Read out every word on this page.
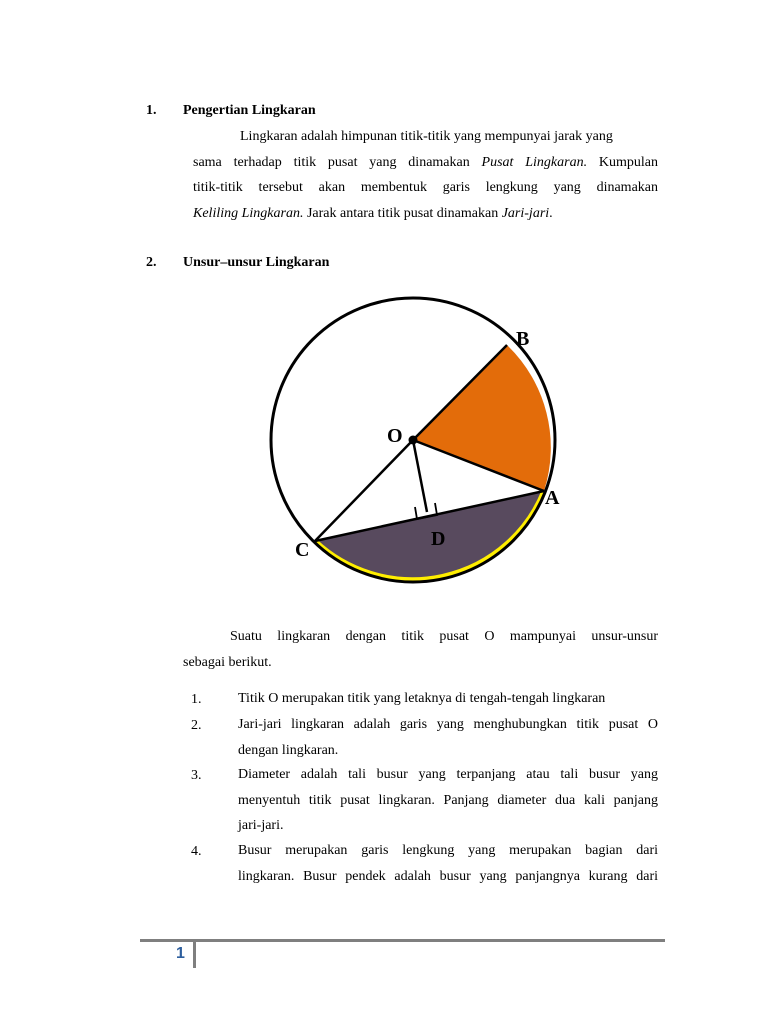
1. Pengertian Lingkaran
Lingkaran adalah himpunan titik-titik yang mempunyai jarak yang
sama terhadap titik pusat yang dinamakan Pusat Lingkaran. Kumpulan
titik-titik tersebut akan membentuk garis lengkung yang dinamakan
Keliling Lingkaran. Jarak antara titik pusat dinamakan Jari-jari.
2. Unsur–unsur Lingkaran
O
B
A
C	D
Suatu lingkaran dengan titik pusat O mampunyai unsur-unsur
sebagai berikut.
1.	Titik O merupakan titik yang letaknya di tengah-tengah lingkaran
2.	Jari-jari lingkaran adalah garis yang menghubungkan titik pusat O
dengan lingkaran.
3.	Diameter adalah tali busur yang terpanjang atau tali busur yang
menyentuh titik pusat lingkaran. Panjang diameter dua kali panjang
jari-jari.
4.	Busur merupakan garis lengkung yang merupakan bagian dari
lingkaran. Busur pendek adalah busur yang panjangnya kurang dari
1
